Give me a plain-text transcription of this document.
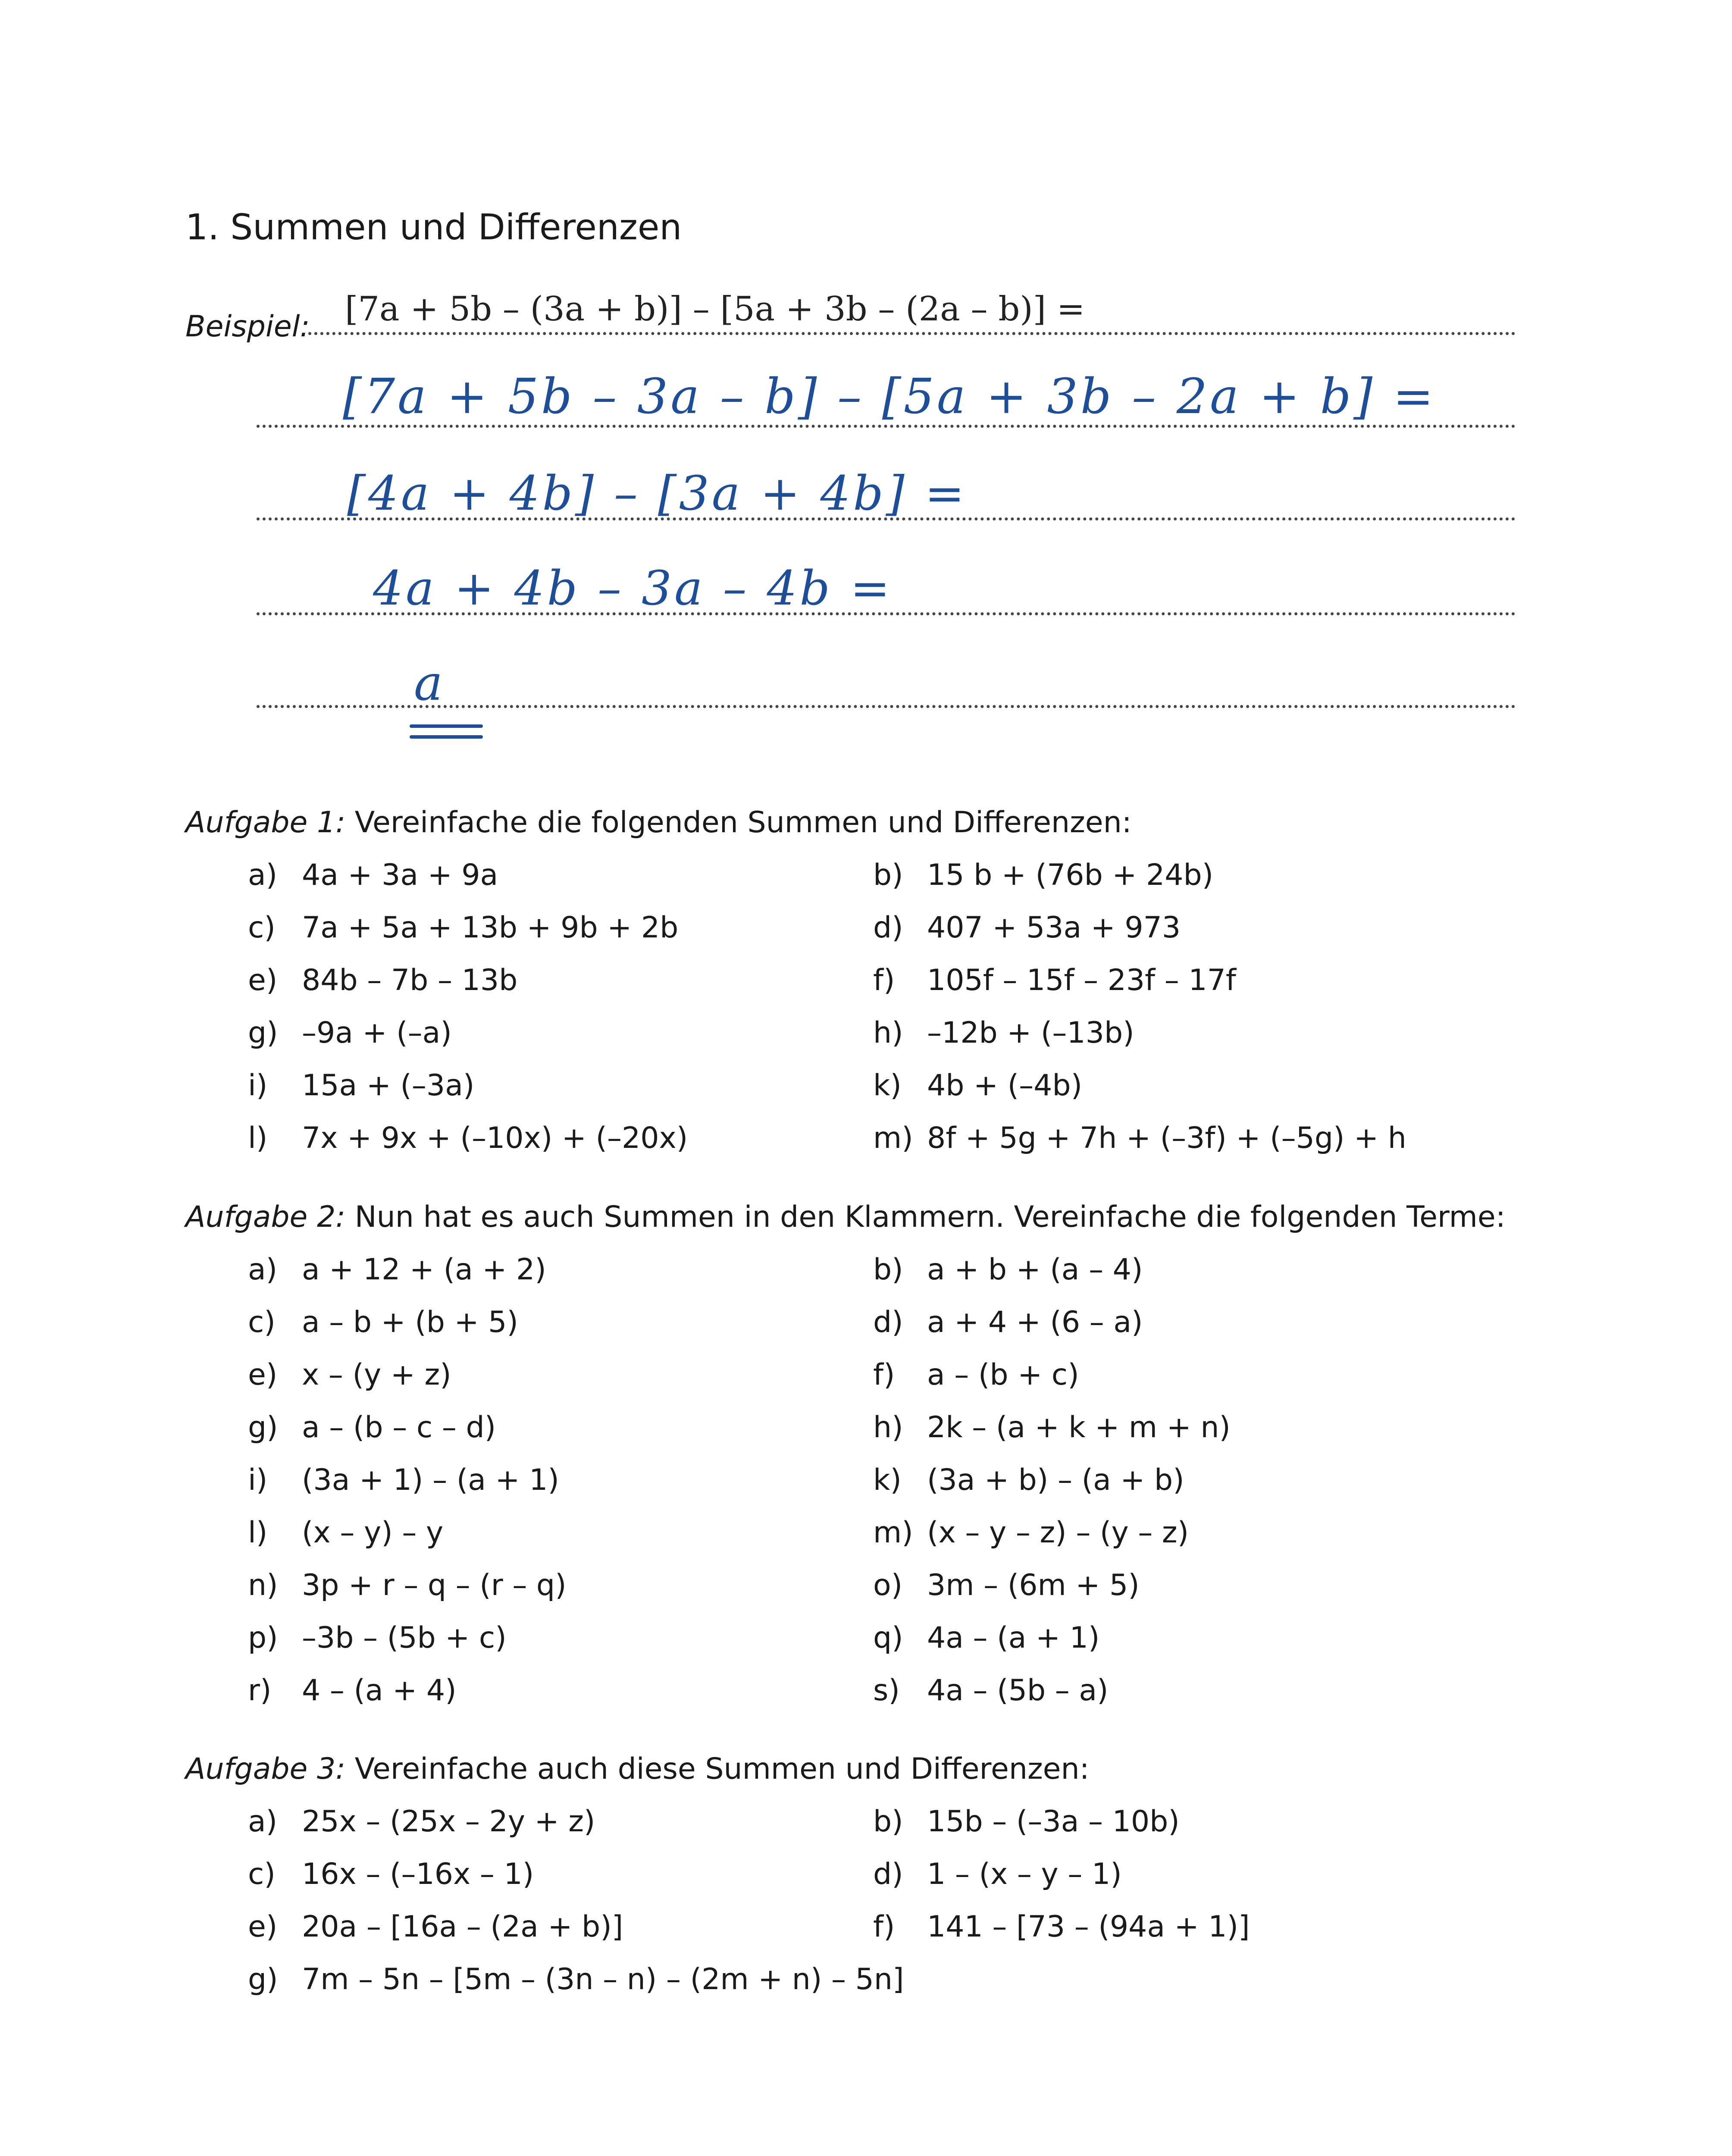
1. Summen und Differenzen
Beispiel: [7a + 5b – (3a + b)] – [5a + 3b – (2a – b)] =
[7a + 5b – 3a – b] – [5a + 3b – 2a + b] =
[4a + 4b] – [3a + 4b] =
4a + 4b – 3a – 4b =
a
Aufgabe 1: Vereinfache die folgenden Summen und Differenzen:
a) 4a + 3a + 9a	b) 15 b + (76b + 24b)
c) 7a + 5a + 13b + 9b + 2b	d) 407 + 53a + 973
e) 84b – 7b – 13b	f) 105f – 15f – 23f – 17f
g) –9a + (–a)	h) –12b + (–13b)
i) 15a + (–3a)	k) 4b + (–4b)
l) 7x + 9x + (–10x) + (–20x)	m) 8f + 5g + 7h + (–3f) + (–5g) + h
Aufgabe 2: Nun hat es auch Summen in den Klammern. Vereinfache die folgenden Terme:
a) a + 12 + (a + 2)	b) a + b + (a – 4)
c) a – b + (b + 5)	d) a + 4 + (6 – a)
e) x – (y + z)	f) a – (b + c)
g) a – (b – c – d)	h) 2k – (a + k + m + n)
i) (3a + 1) – (a + 1)	k) (3a + b) – (a + b)
l) (x – y) – y	m) (x – y – z) – (y – z)
n) 3p + r – q – (r – q)	o) 3m – (6m + 5)
p) –3b – (5b + c)	q) 4a – (a + 1)
r) 4 – (a + 4)	s) 4a – (5b – a)
Aufgabe 3: Vereinfache auch diese Summen und Differenzen:
a) 25x – (25x – 2y + z)	b) 15b – (–3a – 10b)
c) 16x – (–16x – 1)	d) 1 – (x – y – 1)
e) 20a – [16a – (2a + b)]	f) 141 – [73 – (94a + 1)]
g) 7m – 5n – [5m – (3n – n) – (2m + n) – 5n]
